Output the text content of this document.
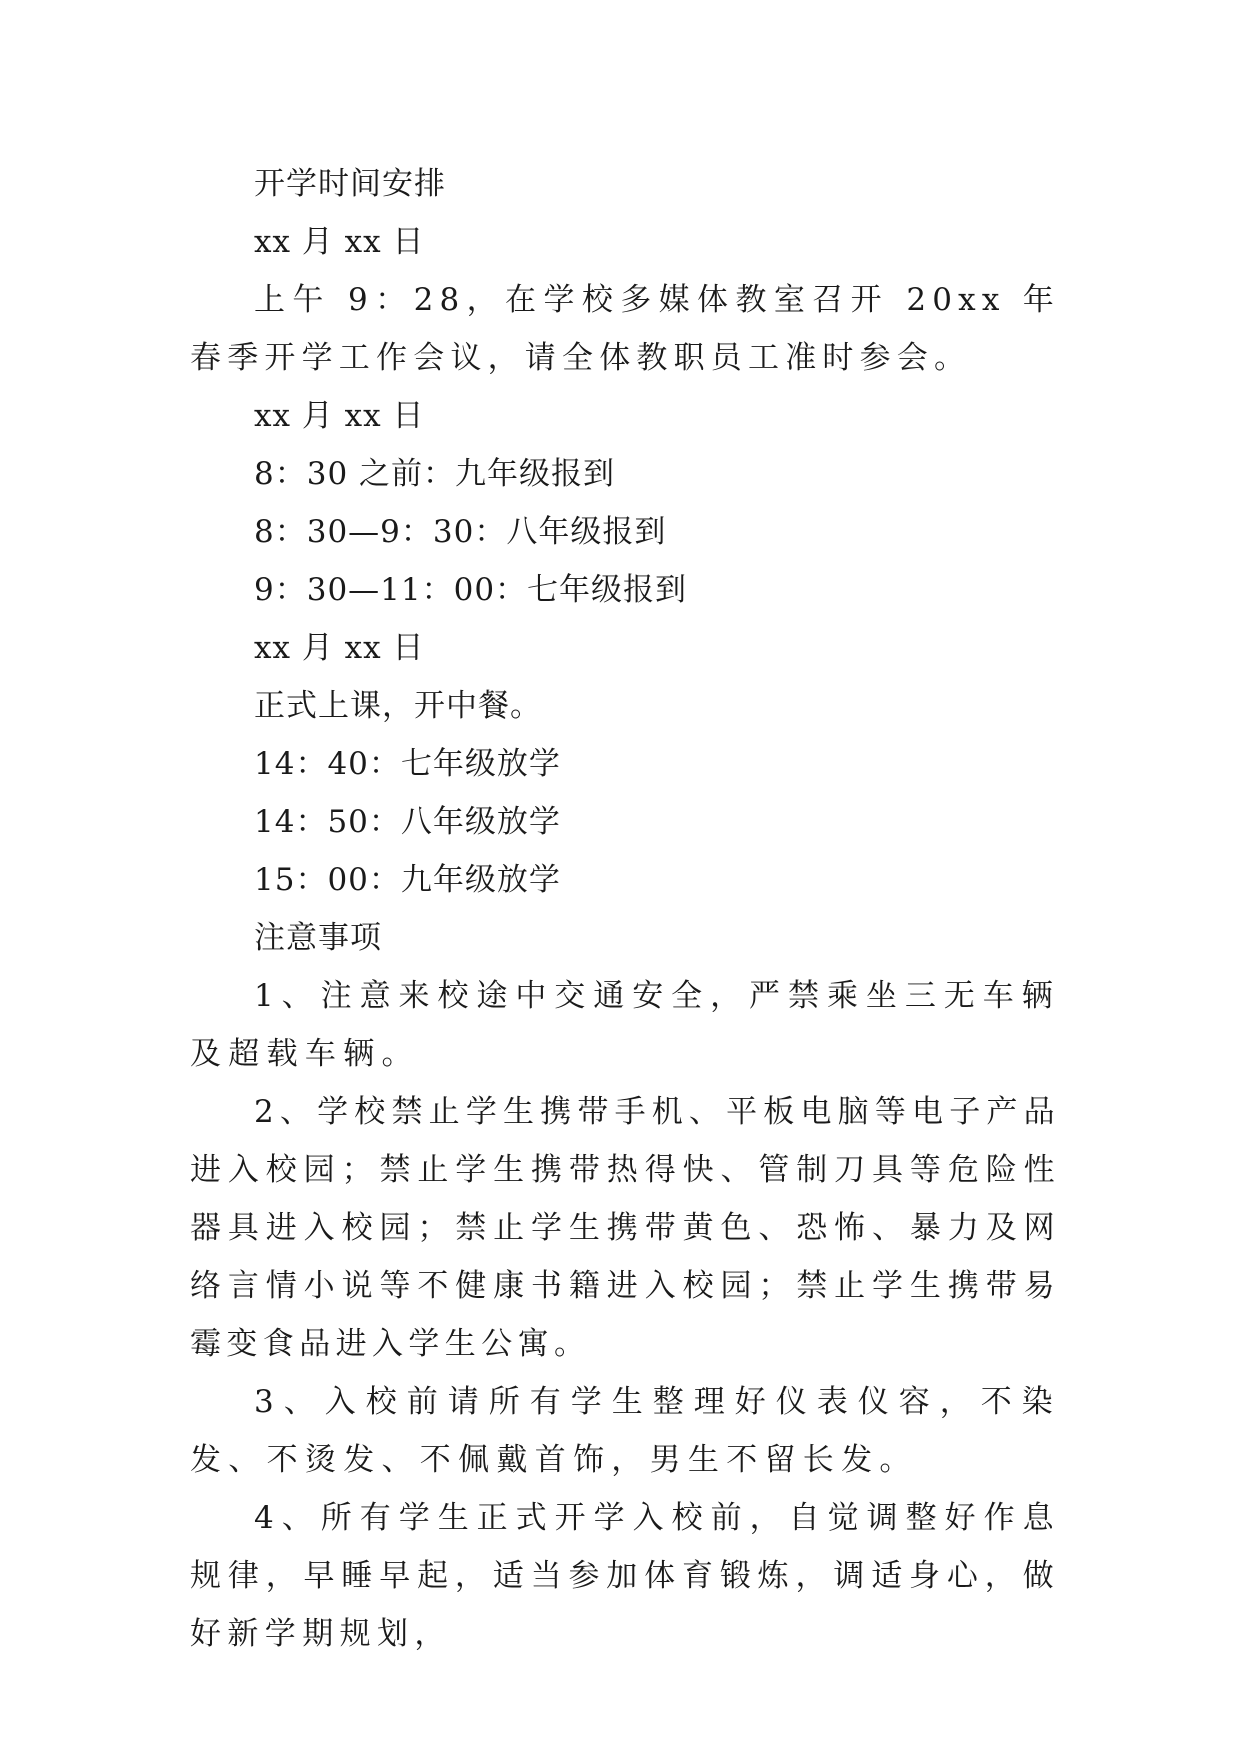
开学时间安排
xx 月 xx 日

上午 9：28，在学校多媒体教室召开 20xx 年春季开学工作会议，请全体教职员工准时参会。

xx 月 xx 日
8：30 之前：九年级报到
8：30—9：30：八年级报到
9：30—11：00：七年级报到
xx 月 xx 日
正式上课，开中餐。
14：40：七年级放学
14：50：八年级放学
15：00：九年级放学
注意事项

1、注意来校途中交通安全，严禁乘坐三无车辆及超载车辆。

2、学校禁止学生携带手机、平板电脑等电子产品进入校园；禁止学生携带热得快、管制刀具等危险性器具进入校园；禁止学生携带黄色、恐怖、暴力及网络言情小说等不健康书籍进入校园；禁止学生携带易霉变食品进入学生公寓。

3、入校前请所有学生整理好仪表仪容，不染发、不烫发、不佩戴首饰，男生不留长发。

4、所有学生正式开学入校前，自觉调整好作息规律，早睡早起，适当参加体育锻炼，调适身心，做好新学期规划，
